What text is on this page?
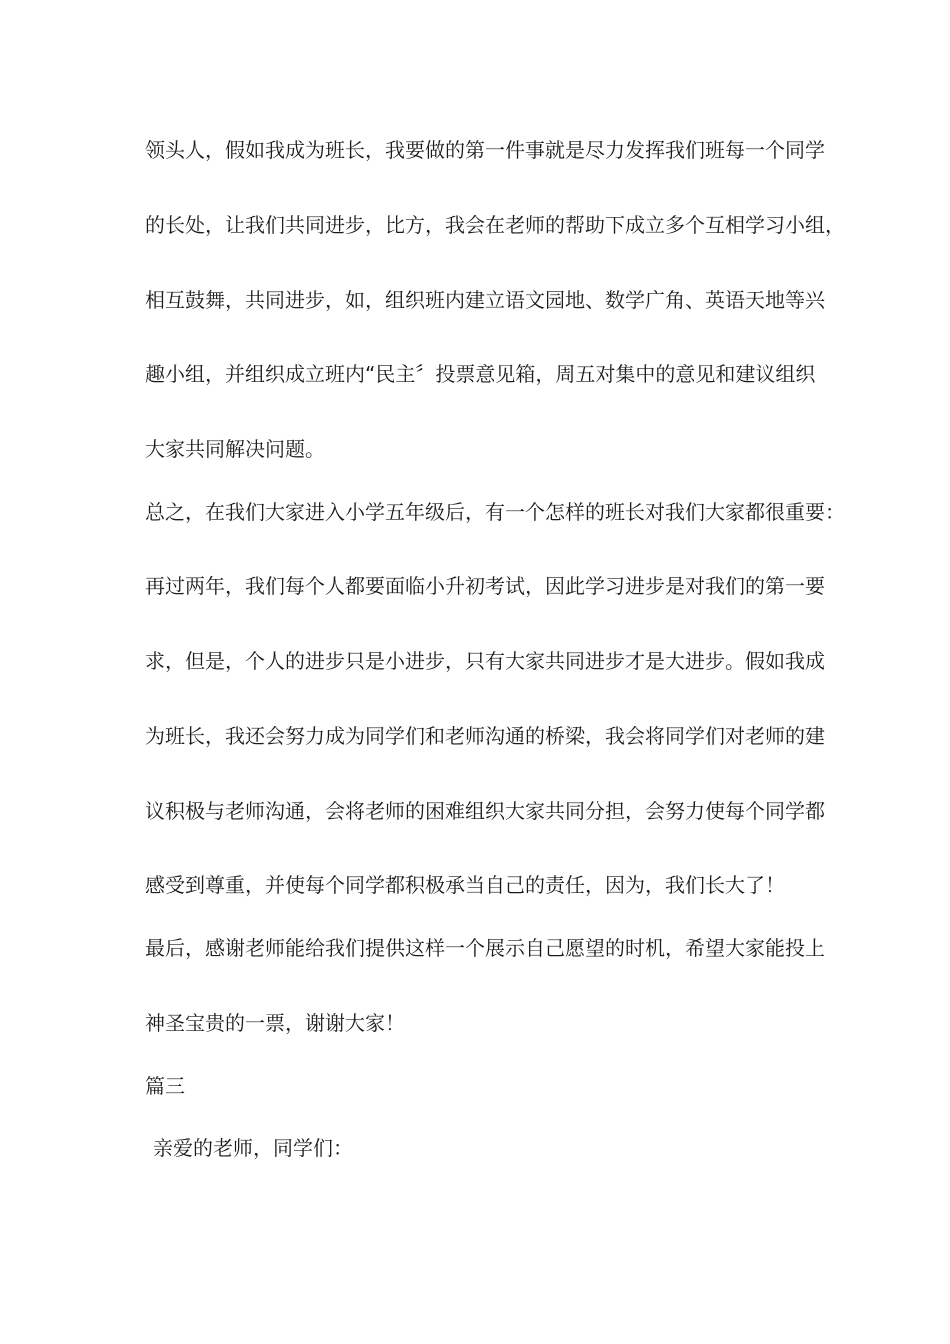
领头人，假如我成为班长，我要做的第一件事就是尽力发挥我们班每一个同学
的长处，让我们共同进步，比方，我会在老师的帮助下成立多个互相学习小组，
相互鼓舞，共同进步，如，组织班内建立语文园地、数学广角、英语天地等兴
趣小组，并组织成立班内“民主〞投票意见箱，周五对集中的意见和建议组织
大家共同解决问题。
总之，在我们大家进入小学五年级后，有一个怎样的班长对我们大家都很重要：
再过两年，我们每个人都要面临小升初考试，因此学习进步是对我们的第一要
求，但是，个人的进步只是小进步，只有大家共同进步才是大进步。假如我成
为班长，我还会努力成为同学们和老师沟通的桥梁，我会将同学们对老师的建
议积极与老师沟通，会将老师的困难组织大家共同分担，会努力使每个同学都
感受到尊重，并使每个同学都积极承当自己的责任，因为，我们长大了！
最后，感谢老师能给我们提供这样一个展示自己愿望的时机，希望大家能投上
神圣宝贵的一票，谢谢大家！
篇三
亲爱的老师，同学们：
